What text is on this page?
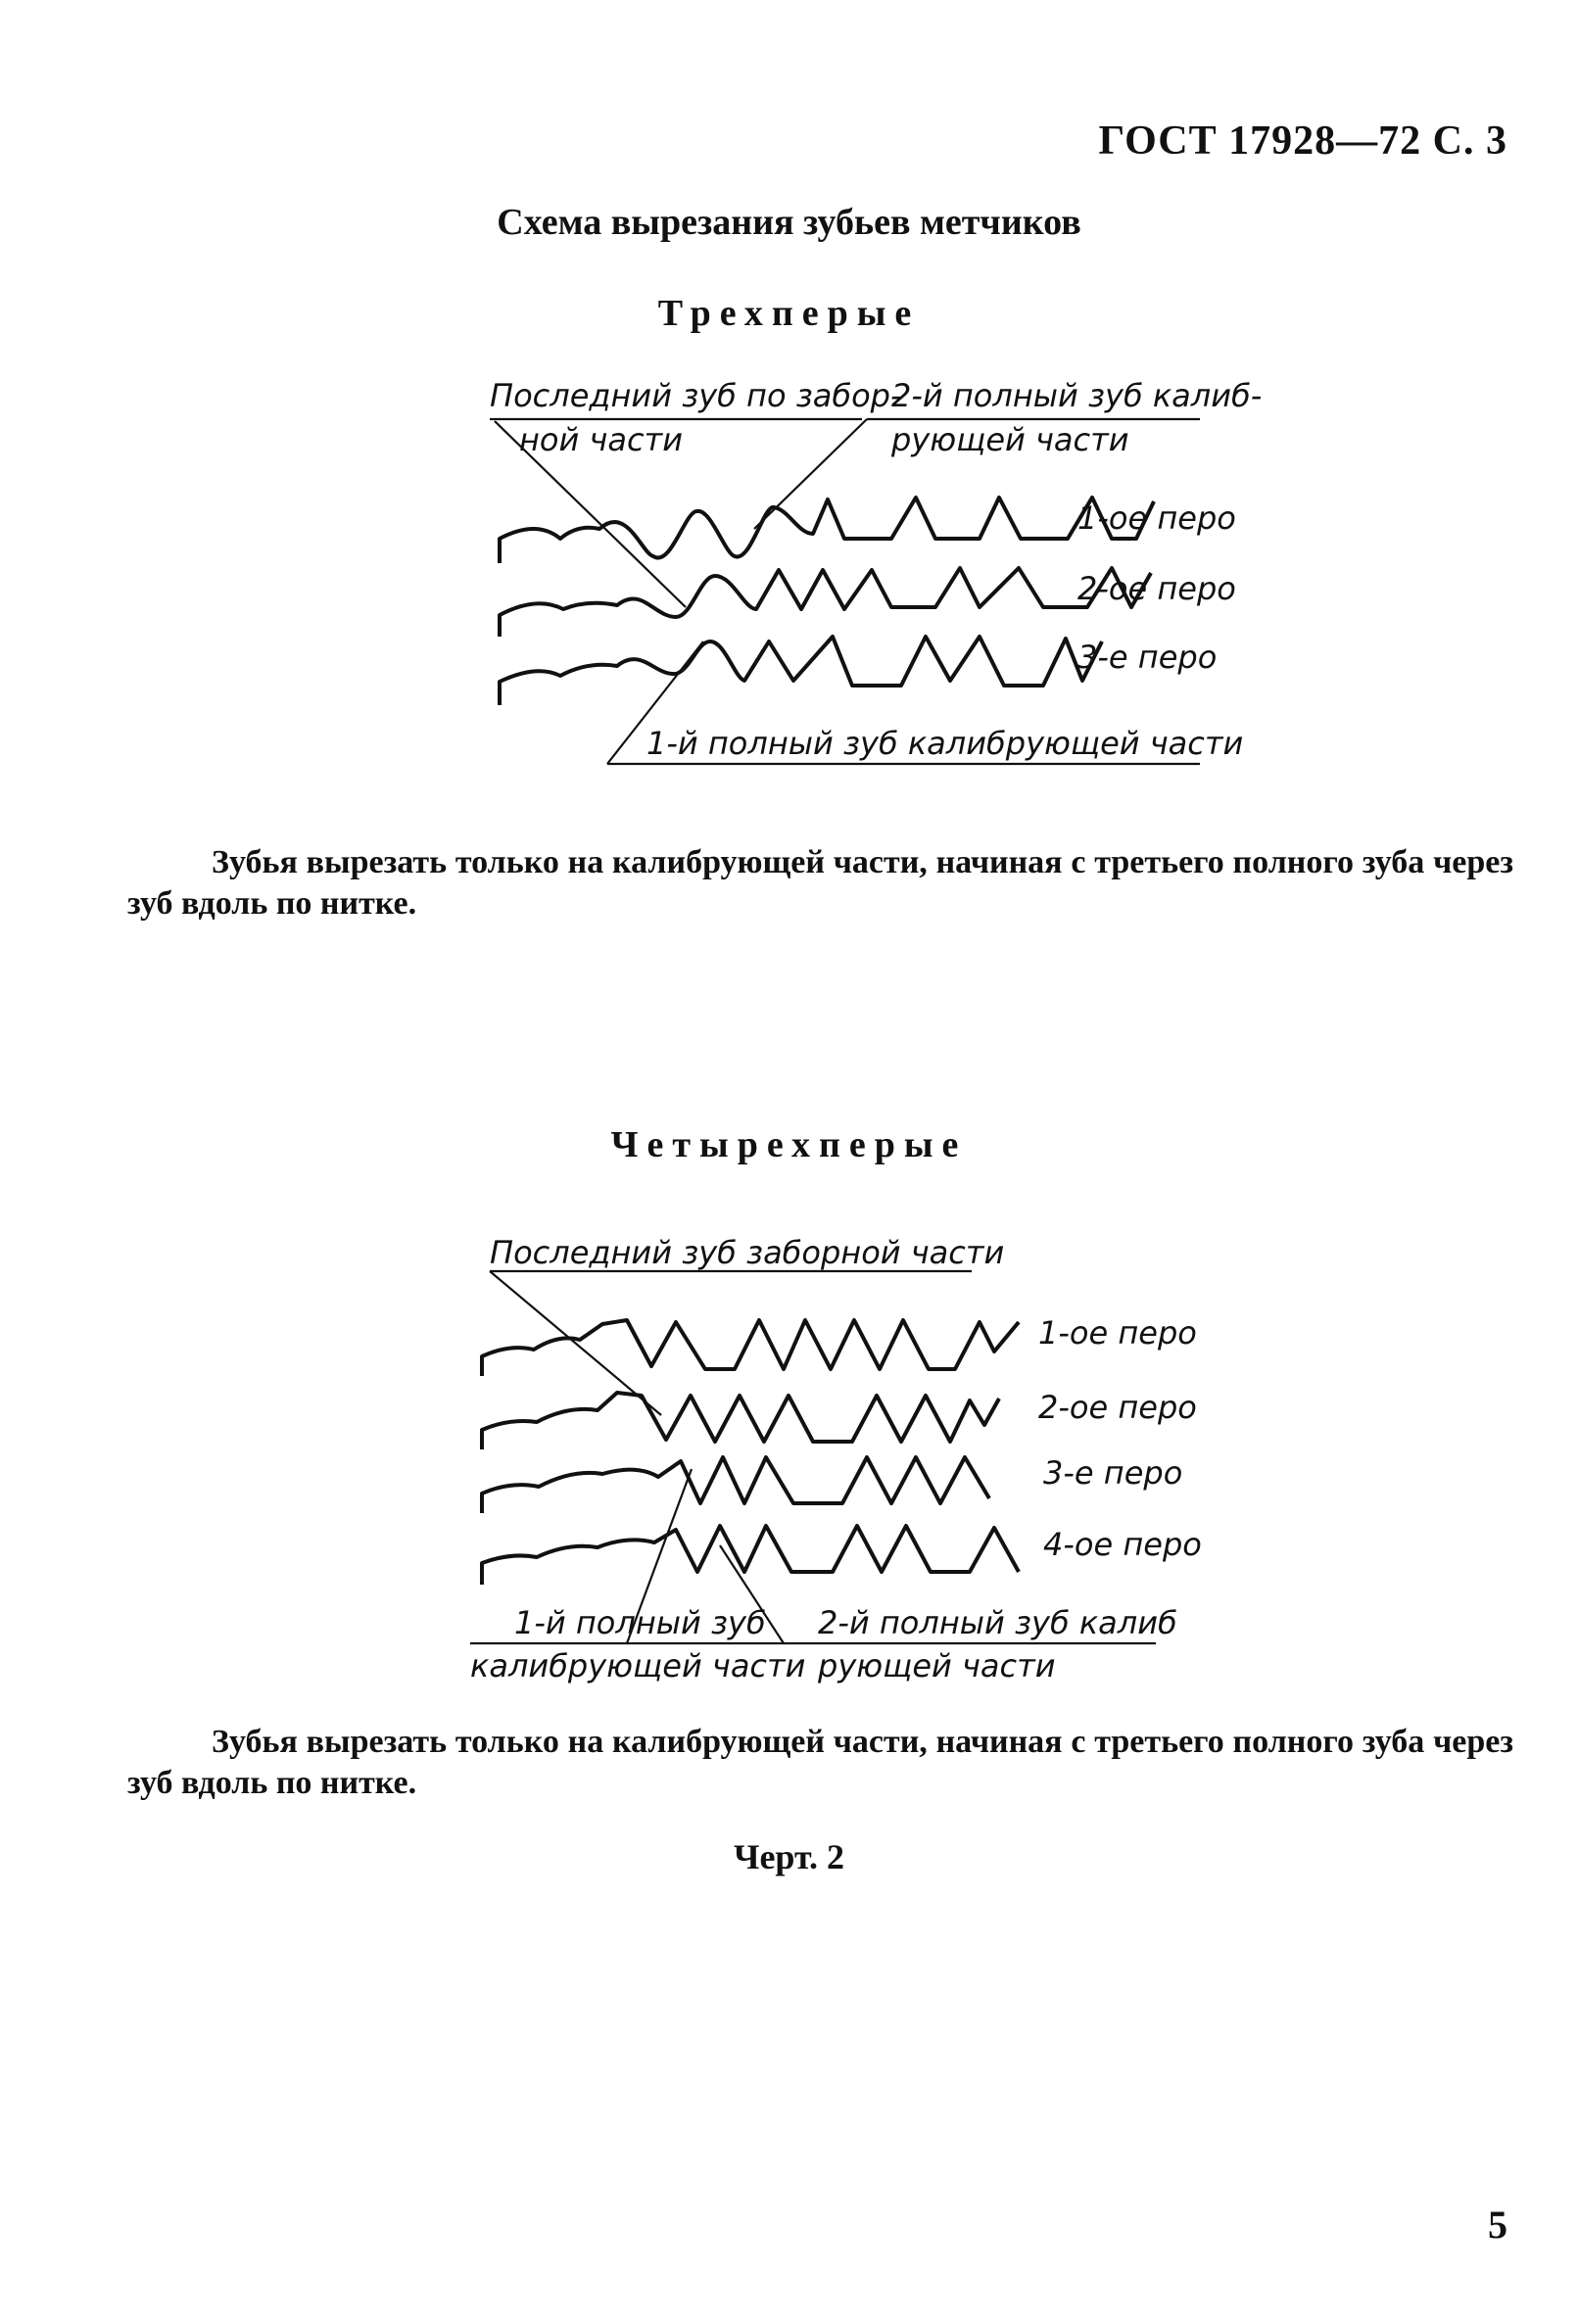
ГОСТ 17928—72 С. 3
Схема вырезания зубьев метчиков
Трехперые
Последний зуб по забор-
ной части
2-й полный зуб калиб-
рующей части
1-ое перо
2-ое перо
3-е перо
1-й полный зуб калибрующей части
Последний зуб заборной части
1-ое перо
2-ое перо
3-е перо
4-ое перо
1-й полный зуб
калибрующей части
2-й полный зуб калиб
рующей части
Зубья вырезать только на калибрующей части, начиная с третьего полного зуба через зуб вдоль по нитке.
Четырехперые
Зубья вырезать только на калибрующей части, начиная с третьего полного зуба через зуб вдоль по нитке.
Черт. 2
5
